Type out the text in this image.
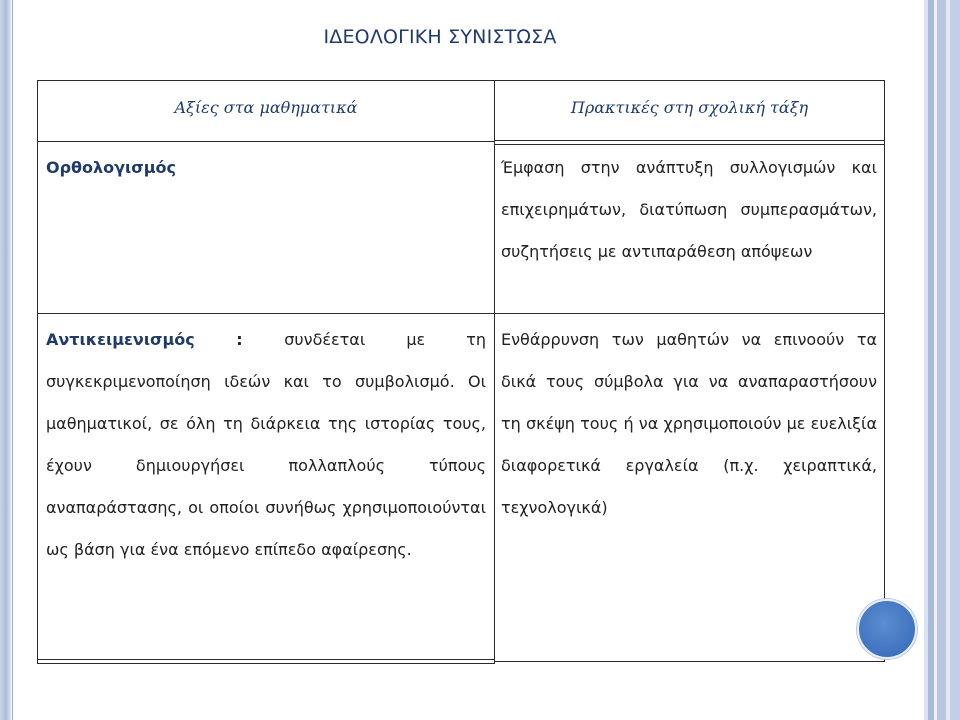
ΙΔΕΟΛΟΓΙΚΗ ΣΥΝΙΣΤΩΣΑ
Αξίες στα μαθηματικά	Πρακτικές στη σχολική τάξη
Ορθολογισμός	Έμφαση στην ανάπτυξη συλλογισμών και επιχειρημάτων, διατύπωση συμπερασμάτων, συζητήσεις με αντιπαράθεση απόψεων
Αντικειμενισμός : συνδέεται με τη συγκεκριμενοποίηση ιδεών και το συμβολισμό. Οι μαθηματικοί, σε όλη τη διάρκεια της ιστορίας τους, έχουν δημιουργήσει πολλαπλούς τύπους αναπαράστασης, οι οποίοι συνήθως χρησιμοποιούνται ως βάση για ένα επόμενο επίπεδο αφαίρεσης.
Ενθάρρυνση των μαθητών να επινοούν τα δικά τους σύμβολα για να αναπαραστήσουν τη σκέψη τους ή να χρησιμοποιούν με ευελιξία διαφορετικά εργαλεία (π.χ. χειραπτικά, τεχνολογικά)
